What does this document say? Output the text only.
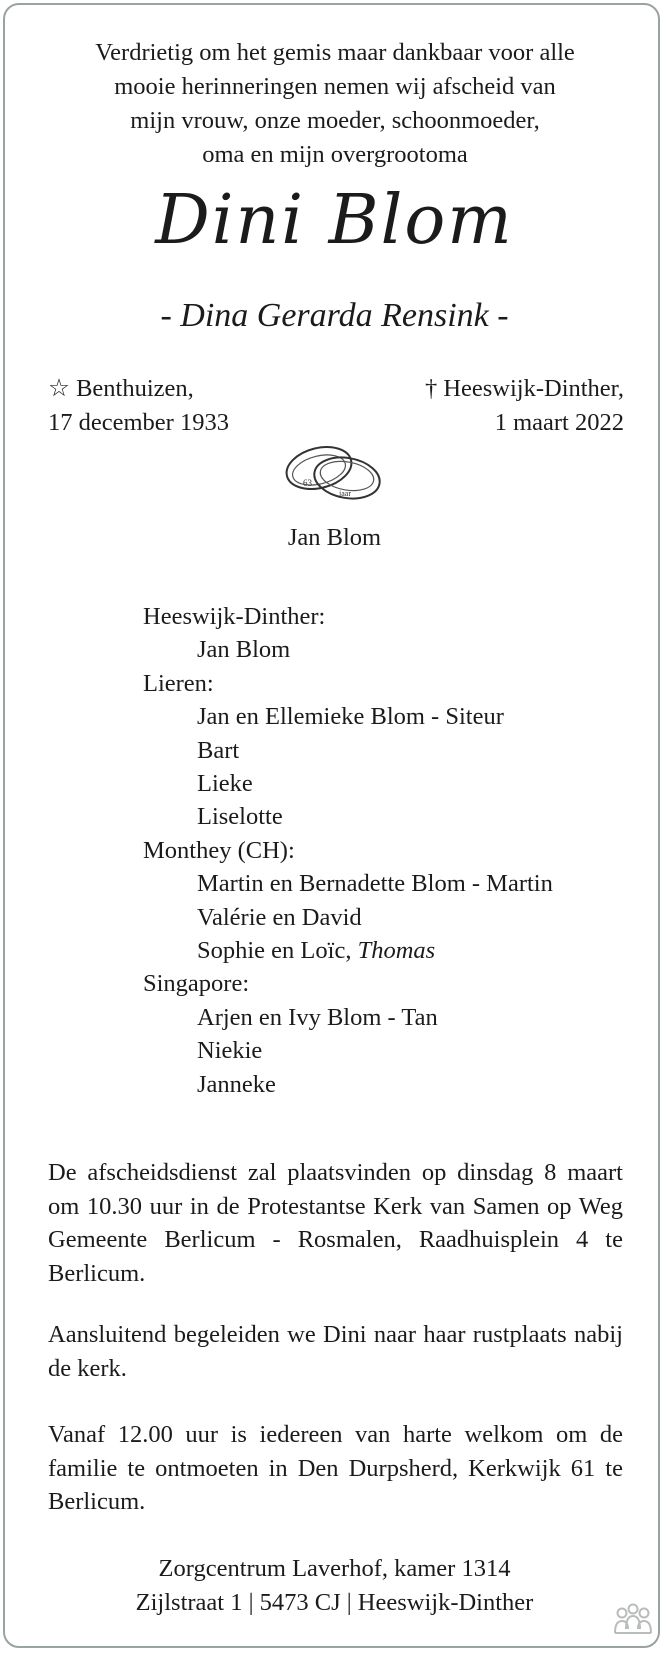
Verdrietig om het gemis maar dankbaar voor alle
mooie herinneringen nemen wij afscheid van
mijn vrouw, onze moeder, schoonmoeder,
oma en mijn overgrootoma
Dini Blom
- Dina Gerarda Rensink -
☆ Benthuizen,
17 december 1933
† Heeswijk-Dinther,
1 maart 2022
63
jaar
Jan Blom
Heeswijk-Dinther:
Jan Blom
Lieren:
Jan en Ellemieke Blom - Siteur
Bart
Lieke
Liselotte
Monthey (CH):
Martin en Bernadette Blom - Martin
Valérie en David
Sophie en Loïc, Thomas
Singapore:
Arjen en Ivy Blom - Tan
Niekie
Janneke
De afscheidsdienst zal plaatsvinden op dinsdag 8 maart om 10.30 uur in de Protestantse Kerk van Samen op Weg Gemeente Berlicum - Rosmalen, Raadhuisplein 4 te Berlicum.
Aansluitend begeleiden we Dini naar haar rustplaats nabij de kerk.
Vanaf 12.00 uur is iedereen van harte welkom om de familie te ontmoeten in Den Durpsherd, Kerkwijk 61 te Berlicum.
Zorgcentrum Laverhof, kamer 1314
Zijlstraat 1 | 5473 CJ | Heeswijk-Dinther
